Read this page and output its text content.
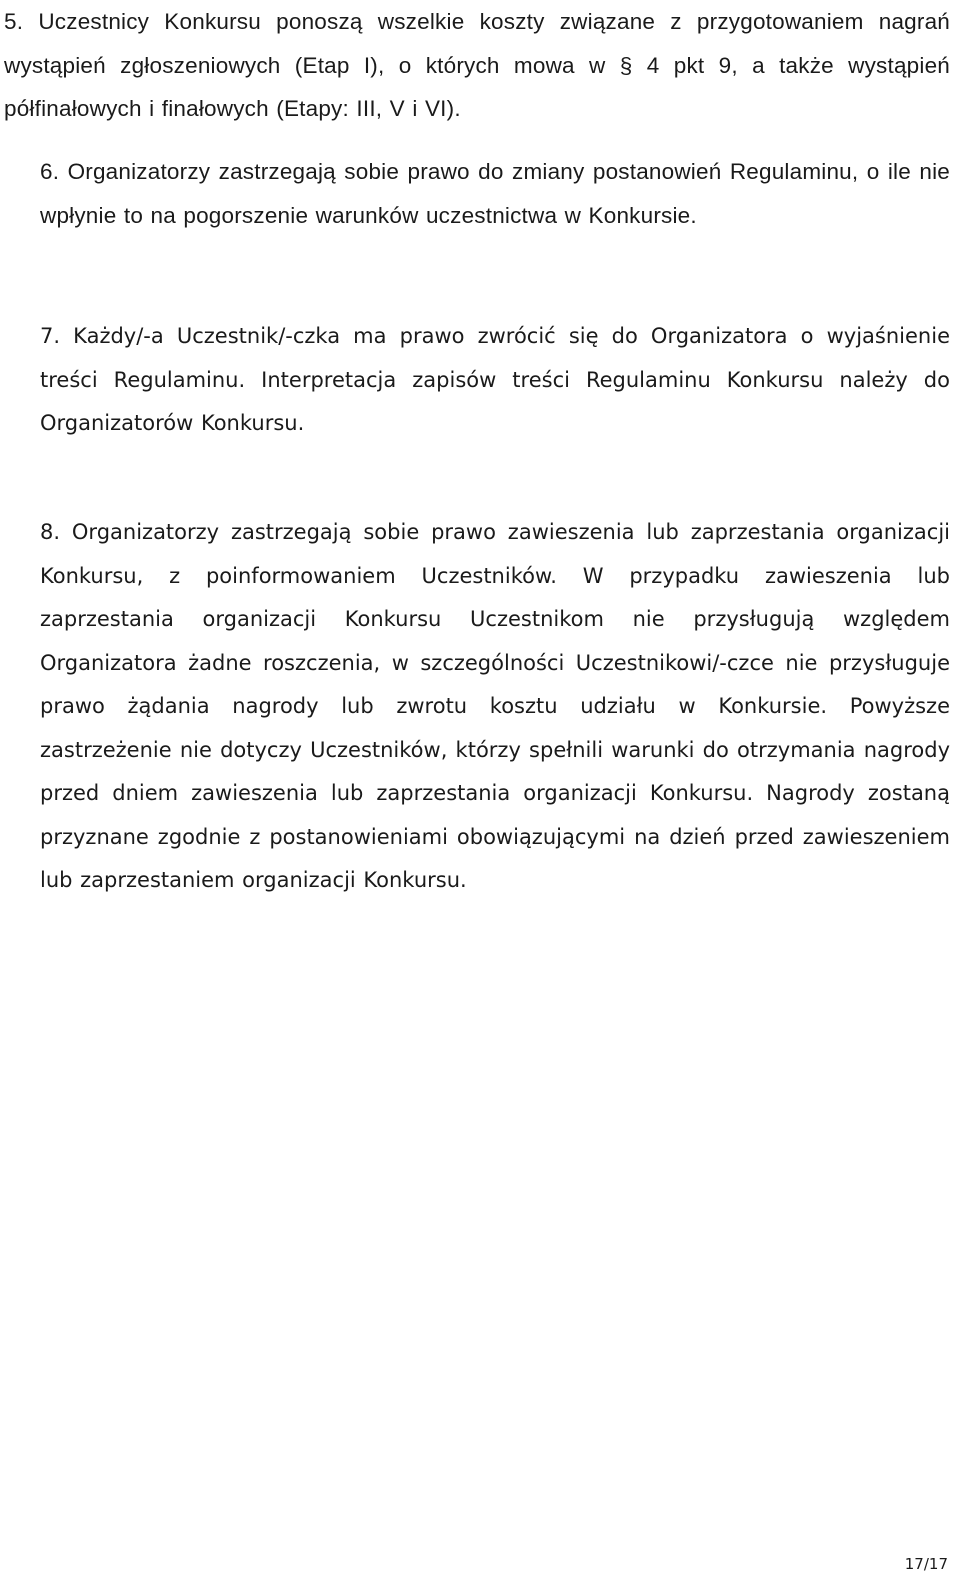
5. Uczestnicy Konkursu ponoszą wszelkie koszty związane z przygotowaniem nagrań wystąpień zgłoszeniowych (Etap I), o których mowa w § 4 pkt 9, a także wystąpień półfinałowych i finałowych (Etapy: III, V i VI).

6. Organizatorzy zastrzegają sobie prawo do zmiany postanowień Regulaminu, o ile nie wpłynie to na pogorszenie warunków uczestnictwa w Konkursie.

7. Każdy/-a Uczestnik/-czka ma prawo zwrócić się do Organizatora o wyjaśnienie treści Regulaminu. Interpretacja zapisów treści Regulaminu Konkursu należy do Organizatorów Konkursu.

8. Organizatorzy zastrzegają sobie prawo zawieszenia lub zaprzestania organizacji Konkursu, z poinformowaniem Uczestników. W przypadku zawieszenia lub zaprzestania organizacji Konkursu Uczestnikom nie przysługują względem Organizatora żadne roszczenia, w szczególności Uczestnikowi/-czce nie przysługuje prawo żądania nagrody lub zwrotu kosztu udziału w Konkursie. Powyższe zastrzeżenie nie dotyczy Uczestników, którzy spełnili warunki do otrzymania nagrody przed dniem zawieszenia lub zaprzestania organizacji Konkursu. Nagrody zostaną przyznane zgodnie z postanowieniami obowiązującymi na dzień przed zawieszeniem lub zaprzestaniem organizacji Konkursu.

17/17
